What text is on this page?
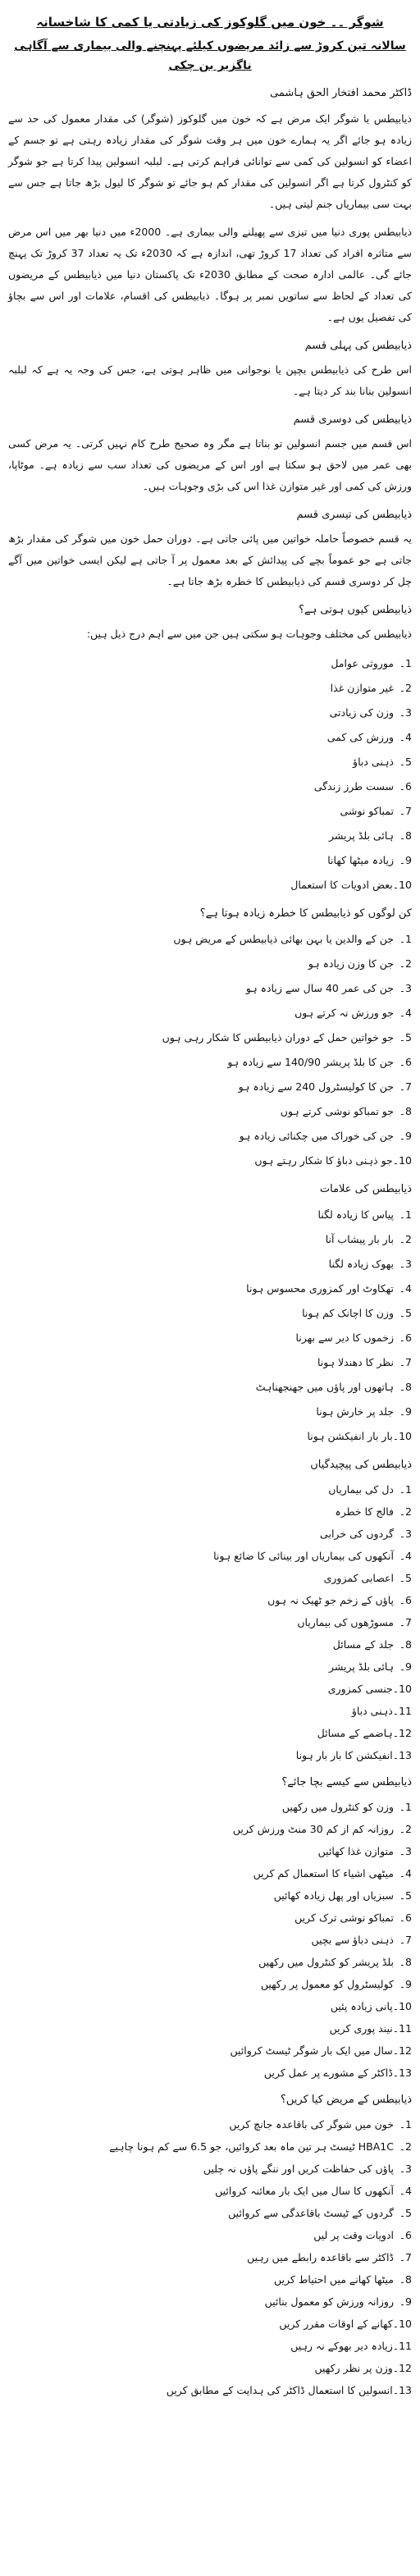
شوگر ۔۔ خون میں گلوکوز کی زیادتی یا کمی کا شاخسانہ
سالانہ تین کروڑ سے زائد مریضوں کیلئے پہنچنے والی بیماری سے آگاہی ناگزیر بن چکی
ڈاکٹر محمد افتخار الحق ہاشمی
ذیابیطس یا شوگر ایک مرض ہے کہ خون میں گلوکوز (شوگر) کی مقدار معمول کی حد سے زیادہ ہو جائے اگر یہ ہمارے خون میں ہر وقت شوگر کی مقدار زیادہ رہتی ہے تو جسم کے اعضاء کو انسولین کی کمی سے توانائی فراہم کرتی ہے۔ لبلبہ انسولین پیدا کرتا ہے جو شوگر کو کنٹرول کرتا ہے اگر انسولین کی مقدار کم ہو جائے تو شوگر کا لیول بڑھ جاتا ہے جس سے بہت سی بیماریاں جنم لیتی ہیں۔
ذیابیطس پوری دنیا میں تیزی سے پھیلنے والی بیماری ہے۔ 2000ء میں دنیا بھر میں اس مرض سے متاثرہ افراد کی تعداد 17 کروڑ تھی، اندازہ ہے کہ 2030ء تک یہ تعداد 37 کروڑ تک پہنچ جائے گی۔ عالمی ادارہ صحت کے مطابق 2030ء تک پاکستان دنیا میں ذیابیطس کے مریضوں کی تعداد کے لحاظ سے ساتویں نمبر پر ہوگا۔ ذیابیطس کی اقسام، علامات اور اس سے بچاؤ کی تفصیل یوں ہے۔
ذیابیطس کی پہلی قسم
اس طرح کی ذیابیطس بچپن یا نوجوانی میں ظاہر ہوتی ہے، جس کی وجہ یہ ہے کہ لبلبہ انسولین بنانا بند کر دیتا ہے۔
ذیابیطس کی دوسری قسم
اس قسم میں جسم انسولین تو بناتا ہے مگر وہ صحیح طرح کام نہیں کرتی۔ یہ مرض کسی بھی عمر میں لاحق ہو سکتا ہے اور اس کے مریضوں کی تعداد سب سے زیادہ ہے۔ موٹاپا، ورزش کی کمی اور غیر متوازن غذا اس کی بڑی وجوہات ہیں۔
ذیابیطس کی تیسری قسم
یہ قسم خصوصاً حاملہ خواتین میں پائی جاتی ہے۔ دوران حمل خون میں شوگر کی مقدار بڑھ جاتی ہے جو عموماً بچے کی پیدائش کے بعد معمول پر آ جاتی ہے لیکن ایسی خواتین میں آگے چل کر دوسری قسم کی ذیابیطس کا خطرہ بڑھ جاتا ہے۔
ذیابیطس کیوں ہوتی ہے؟
ذیابیطس کی مختلف وجوہات ہو سکتی ہیں جن میں سے اہم درج ذیل ہیں:
1۔موروثی عوامل
2۔غیر متوازن غذا
3۔وزن کی زیادتی
4۔ورزش کی کمی
5۔ذہنی دباؤ
6۔سست طرز زندگی
7۔تمباکو نوشی
8۔ہائی بلڈ پریشر
9۔زیادہ میٹھا کھانا
10۔بعض ادویات کا استعمال
کن لوگوں کو ذیابیطس کا خطرہ زیادہ ہوتا ہے؟
1۔جن کے والدین یا بہن بھائی ذیابیطس کے مریض ہوں
2۔جن کا وزن زیادہ ہو
3۔جن کی عمر 40 سال سے زیادہ ہو
4۔جو ورزش نہ کرتے ہوں
5۔جو خواتین حمل کے دوران ذیابیطس کا شکار رہی ہوں
6۔جن کا بلڈ پریشر 140/90 سے زیادہ ہو
7۔جن کا کولیسٹرول 240 سے زیادہ ہو
8۔جو تمباکو نوشی کرتے ہوں
9۔جن کی خوراک میں چکنائی زیادہ ہو
10۔جو ذہنی دباؤ کا شکار رہتے ہوں
ذیابیطس کی علامات
1۔پیاس کا زیادہ لگنا
2۔بار بار پیشاب آنا
3۔بھوک زیادہ لگنا
4۔تھکاوٹ اور کمزوری محسوس ہونا
5۔وزن کا اچانک کم ہونا
6۔زخموں کا دیر سے بھرنا
7۔نظر کا دھندلا ہونا
8۔ہاتھوں اور پاؤں میں جھنجھناہٹ
9۔جلد پر خارش ہونا
10۔بار بار انفیکشن ہونا
ذیابیطس کی پیچیدگیاں
1۔دل کی بیماریاں
2۔فالج کا خطرہ
3۔گردوں کی خرابی
4۔آنکھوں کی بیماریاں اور بینائی کا ضائع ہونا
5۔اعصابی کمزوری
6۔پاؤں کے زخم جو ٹھیک نہ ہوں
7۔مسوڑھوں کی بیماریاں
8۔جلد کے مسائل
9۔ہائی بلڈ پریشر
10۔جنسی کمزوری
11۔ذہنی دباؤ
12۔ہاضمے کے مسائل
13۔انفیکشن کا بار بار ہونا
ذیابیطس سے کیسے بچا جائے؟
1۔وزن کو کنٹرول میں رکھیں
2۔روزانہ کم از کم 30 منٹ ورزش کریں
3۔متوازن غذا کھائیں
4۔میٹھی اشیاء کا استعمال کم کریں
5۔سبزیاں اور پھل زیادہ کھائیں
6۔تمباکو نوشی ترک کریں
7۔ذہنی دباؤ سے بچیں
8۔بلڈ پریشر کو کنٹرول میں رکھیں
9۔کولیسٹرول کو معمول پر رکھیں
10۔پانی زیادہ پئیں
11۔نیند پوری کریں
12۔سال میں ایک بار شوگر ٹیسٹ کروائیں
13۔ڈاکٹر کے مشورے پر عمل کریں
ذیابیطس کے مریض کیا کریں؟
1۔خون میں شوگر کی باقاعدہ جانچ کریں
2۔HBA1C ٹیسٹ ہر تین ماہ بعد کروائیں، جو 6.5 سے کم ہونا چاہیے
3۔پاؤں کی حفاظت کریں اور ننگے پاؤں نہ چلیں
4۔آنکھوں کا سال میں ایک بار معائنہ کروائیں
5۔گردوں کے ٹیسٹ باقاعدگی سے کروائیں
6۔ادویات وقت پر لیں
7۔ڈاکٹر سے باقاعدہ رابطے میں رہیں
8۔میٹھا کھانے میں احتیاط کریں
9۔روزانہ ورزش کو معمول بنائیں
10۔کھانے کے اوقات مقرر کریں
11۔زیادہ دیر بھوکے نہ رہیں
12۔وزن پر نظر رکھیں
13۔انسولین کا استعمال ڈاکٹر کی ہدایت کے مطابق کریں
